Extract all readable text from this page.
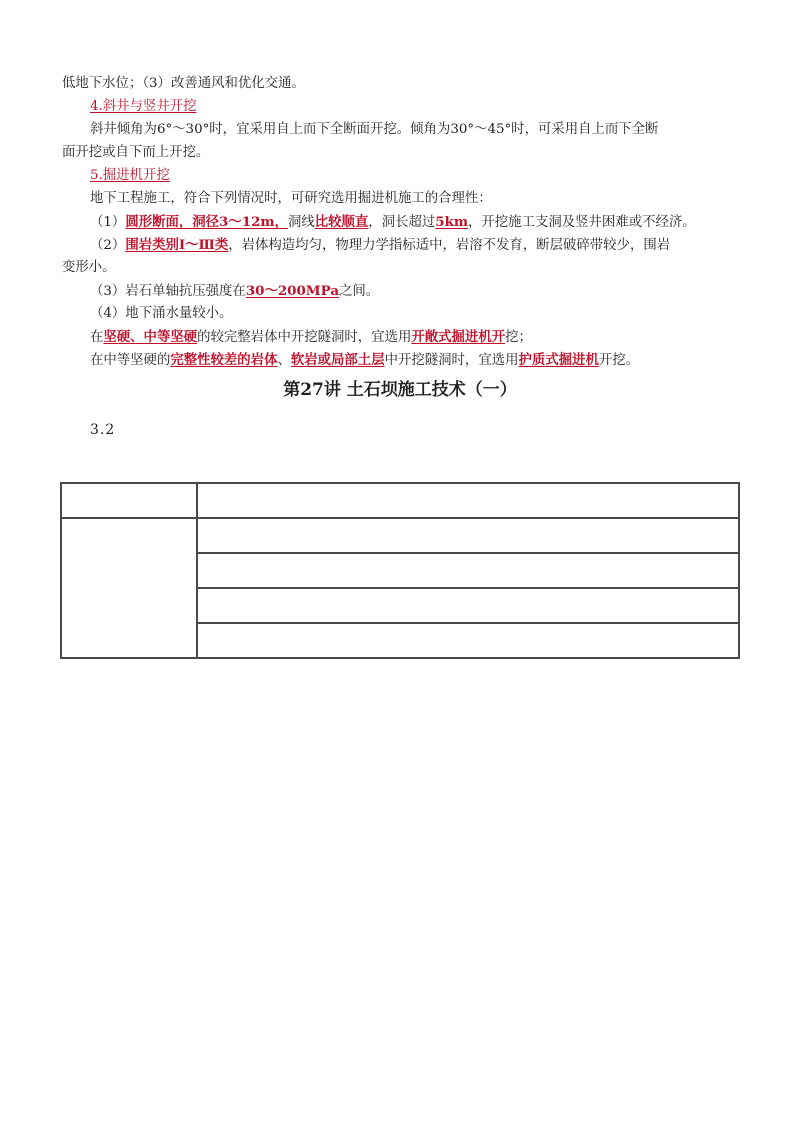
低地下水位；（3）改善通风和优化交通。
4.斜井与竖井开挖
斜井倾角为6°～30°时，宜采用自上而下全断面开挖。倾角为30°～45°时，可采用自上而下全断
面开挖或自下而上开挖。
5.掘进机开挖
地下工程施工，符合下列情况时，可研究选用掘进机施工的合理性：
（1）圆形断面，洞径3～12m，洞线比较顺直，洞长超过5km，开挖施工支洞及竖井困难或不经济。
（2）围岩类别Ⅰ～Ⅲ类，岩体构造均匀，物理力学指标适中，岩溶不发育，断层破碎带较少，围岩
变形小。
（3）岩石单轴抗压强度在30～200MPa之间。
（4）地下涌水量较小。
在坚硬、中等坚硬的较完整岩体中开挖隧洞时，宜选用开敞式掘进机开挖；
在中等坚硬的完整性较差的岩体、软岩或局部土层中开挖隧洞时，宜选用护质式掘进机开挖。
第27讲 土石坝施工技术（一）
3.2
